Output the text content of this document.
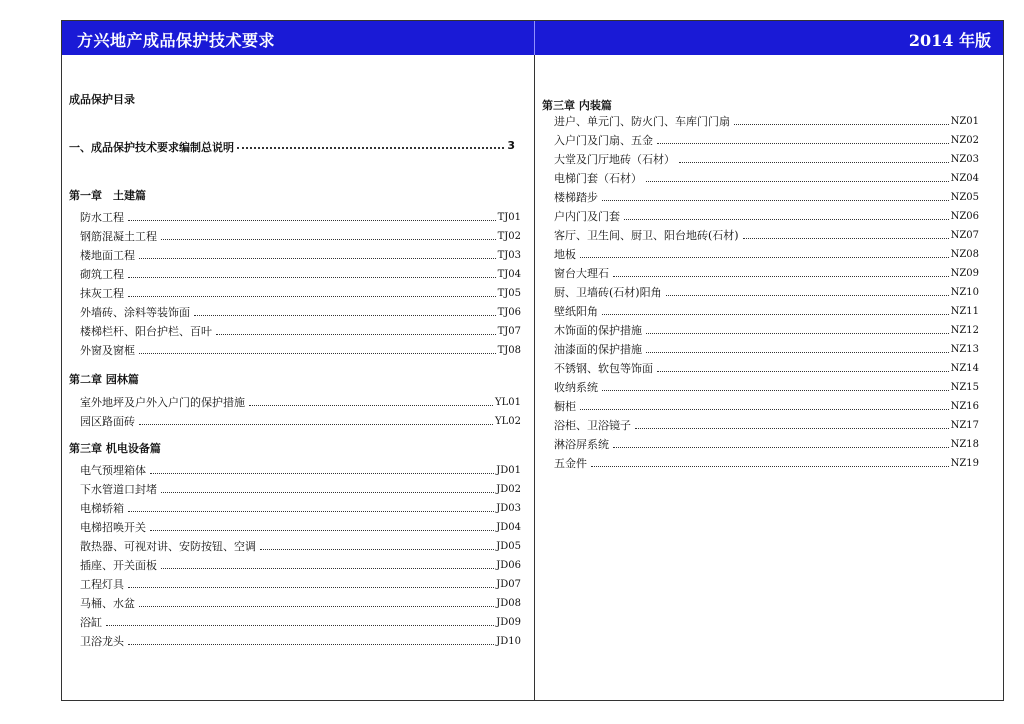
方兴地产成品保护技术要求	2014 年版
成品保护目录
一、成品保护技术要求编制总说明	3
第一章　土建篇
防水工程	TJ01
钢筋混凝土工程	TJ02
楼地面工程	TJ03
砌筑工程	TJ04
抹灰工程	TJ05
外墙砖、涂料等装饰面	TJ06
楼梯栏杆、阳台护栏、百叶	TJ07
外窗及窗框	TJ08
第二章 园林篇
室外地坪及户外入户门的保护措施	YL01
园区路面砖	YL02
第三章 机电设备篇
电气预埋箱体	JD01
下水管道口封堵	JD02
电梯轿箱	JD03
电梯招唤开关	JD04
散热器、可视对讲、安防按钮、空调	JD05
插座、开关面板	JD06
工程灯具	JD07
马桶、水盆	JD08
浴缸	JD09
卫浴龙头	JD10
第三章 内装篇
进户、单元门、防火门、车库门门扇	NZ01
入户门及门扇、五金	NZ02
大堂及门厅地砖（石材）	NZ03
电梯门套（石材）	NZ04
楼梯踏步	NZ05
户内门及门套	NZ06
客厅、卫生间、厨卫、阳台地砖(石材)	NZ07
地板	NZ08
窗台大理石	NZ09
厨、卫墙砖(石材)阳角	NZ10
壁纸阳角	NZ11
木饰面的保护措施	NZ12
油漆面的保护措施	NZ13
不锈钢、软包等饰面	NZ14
收纳系统	NZ15
橱柜	NZ16
浴柜、卫浴镜子	NZ17
淋浴屏系统	NZ18
五金件	NZ19
